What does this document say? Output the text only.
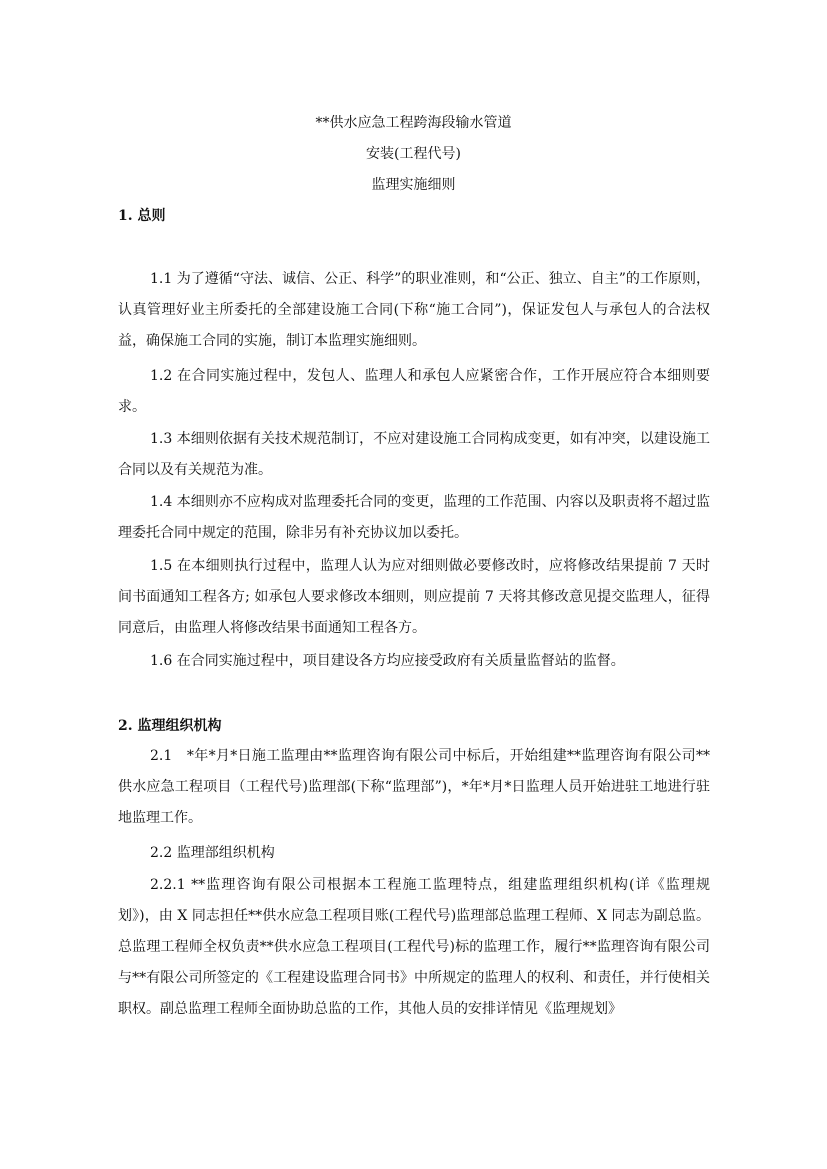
**供水应急工程跨海段输水管道
安装(工程代号)
监理实施细则
1. 总则

1.1 为了遵循“守法、诚信、公正、科学”的职业准则，和“公正、独立、自主”的工作原则，认真管理好业主所委托的全部建设施工合同(下称“施工合同”)，保证发包人与承包人的合法权益，确保施工合同的实施，制订本监理实施细则。

1.2 在合同实施过程中，发包人、监理人和承包人应紧密合作，工作开展应符合本细则要求。

1.3 本细则依据有关技术规范制订，不应对建设施工合同构成变更，如有冲突，以建设施工合同以及有关规范为准。

1.4 本细则亦不应构成对监理委托合同的变更，监理的工作范围、内容以及职责将不超过监理委托合同中规定的范围，除非另有补充协议加以委托。

1.5 在本细则执行过程中，监理人认为应对细则做必要修改时，应将修改结果提前 7 天时间书面通知工程各方; 如承包人要求修改本细则，则应提前 7 天将其修改意见提交监理人，征得同意后，由监理人将修改结果书面通知工程各方。

1.6 在合同实施过程中，项目建设各方均应接受政府有关质量监督站的监督。

2. 监理组织机构

2.1　*年*月*日施工监理由**监理咨询有限公司中标后，开始组建**监理咨询有限公司**供水应急工程项目（工程代号)监理部(下称“监理部”)，*年*月*日监理人员开始进驻工地进行驻地监理工作。

2.2 监理部组织机构

2.2.1 **监理咨询有限公司根据本工程施工监理特点，组建监理组织机构(详《监理规划》)，由 X 同志担任**供水应急工程项目账(工程代号)监理部总监理工程师、X 同志为副总监。总监理工程师全权负责**供水应急工程项目(工程代号)标的监理工作，履行**监理咨询有限公司与**有限公司所签定的《工程建设监理合同书》中所规定的监理人的权利、和责任，并行使相关职权。副总监理工程师全面协助总监的工作，其他人员的安排详情见《监理规划》
